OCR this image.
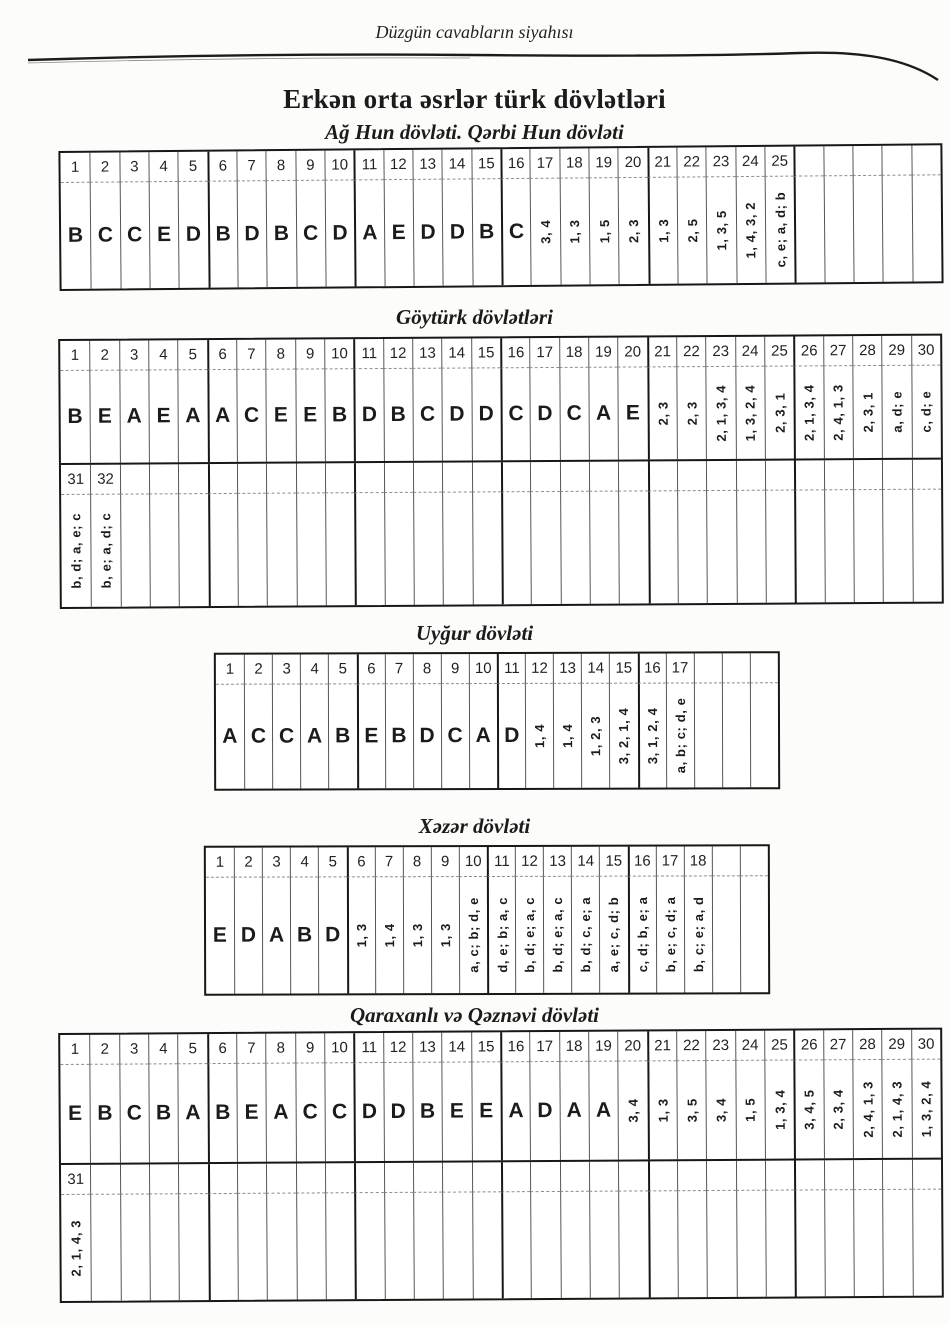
Düzgün cavabların siyahısı
Erkən orta əsrlər türk dövlətləri
Ağ Hun dövləti. Qərbi Hun dövləti
1	2	3	4	5	6	7	8	9	10 11 12 13 14 15 16 17 18 19 20 21 22 23 24 25
B C C E D B D B C D A E D D B C	3, 4 1, 3 1, 5 2, 3 1, 3 2, 5 1, 3, 5 1, 4, 3, 2 c, e; a, d; b
Göytürk dövlətləri
1	2	3	4	5	6	7	8	9	10 11 12 13 14 15 16 17 18 19 20 21 22 23 24 25 26 27 28 29 30
B E A E A A C E E B D B C D D C D C A E	2, 3 2, 3 2, 1, 3, 4 1, 3, 2, 4 2, 3, 1 2, 1, 3, 4 2, 4, 1, 3 2, 3, 1 a, d; e c, d; e
31 32
b, d; a, e; c b, e; a, d; c
Uyğur dövləti
1	2	3	4	5	6	7	8	9	10 11 12 13 14 15 16 17
A C C A B E B D C A D 1, 4 1, 4 1, 2, 3 3, 2, 1, 4 3, 1, 2, 4 a, b; c; d, e
Xəzər dövləti
1	2	3	4	5	6	7	8	9	10 11 12 13 14 15 16 17 18
E D A B D	1, 3 1, 4 1, 3 1, 3 a, c; b; d, e d, e; b; a, c b, d; e; a, c b, d; e; a, c b, d; c, e; a a, e; c, d; b c, d; b, e; a b, e; c, d; a b, c; e; a, d
Qaraxanlı və Qəznəvi dövləti
1	2	3	4	5	6	7	8	9	10 11 12 13 14 15 16 17 18 19 20 21 22 23 24 25 26 27 28 29 30
E B C B A B E A C C D D B E E A D A A	3, 4 1, 3 3, 5 3, 4 1, 5 1, 3, 4 3, 4, 5 2, 3, 4 2, 4, 1, 3 2, 1, 4, 3 1, 3, 2, 4
31
2, 1, 4, 3
